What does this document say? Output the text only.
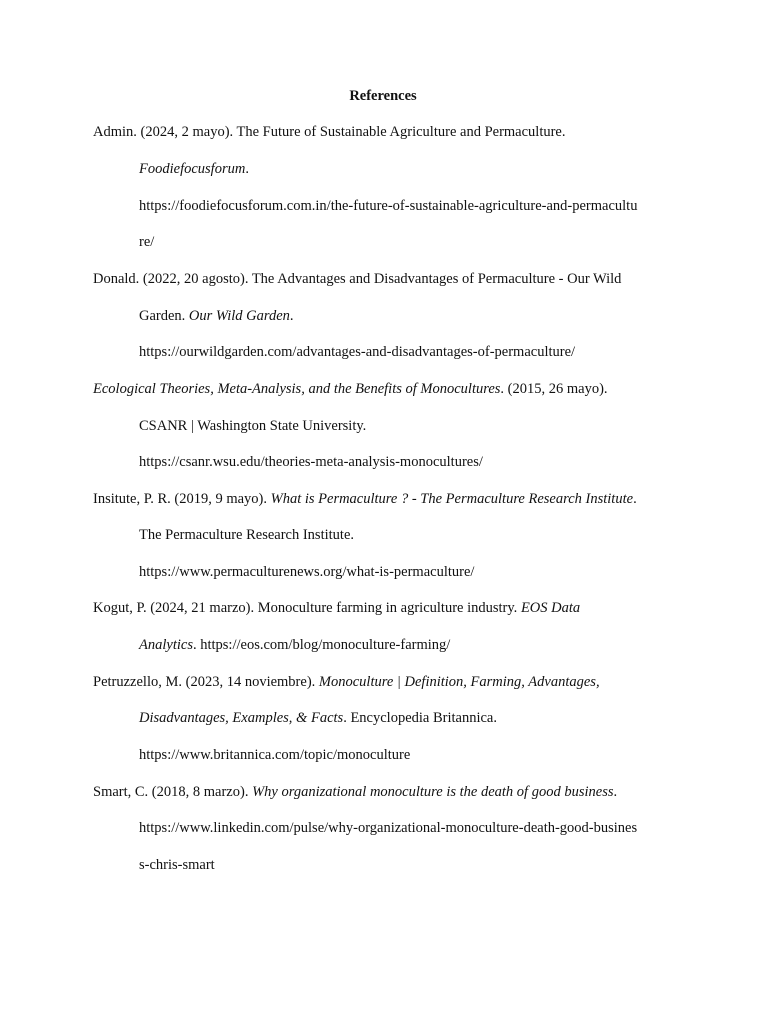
References
Admin. (2024, 2 mayo). The Future of Sustainable Agriculture and Permaculture.
Foodiefocusforum.
https://foodiefocusforum.com.in/the-future-of-sustainable-agriculture-and-permacultu
re/
Donald. (2022, 20 agosto). The Advantages and Disadvantages of Permaculture - Our Wild
Garden. Our Wild Garden.
https://ourwildgarden.com/advantages-and-disadvantages-of-permaculture/
Ecological Theories, Meta-Analysis, and the Benefits of Monocultures. (2015, 26 mayo).
CSANR | Washington State University.
https://csanr.wsu.edu/theories-meta-analysis-monocultures/
Insitute, P. R. (2019, 9 mayo). What is Permaculture ? - The Permaculture Research Institute.
The Permaculture Research Institute.
https://www.permaculturenews.org/what-is-permaculture/
Kogut, P. (2024, 21 marzo). Monoculture farming in agriculture industry. EOS Data
Analytics. https://eos.com/blog/monoculture-farming/
Petruzzello, M. (2023, 14 noviembre). Monoculture | Definition, Farming, Advantages,
Disadvantages, Examples, & Facts. Encyclopedia Britannica.
https://www.britannica.com/topic/monoculture
Smart, C. (2018, 8 marzo). Why organizational monoculture is the death of good business.
https://www.linkedin.com/pulse/why-organizational-monoculture-death-good-busines
s-chris-smart
